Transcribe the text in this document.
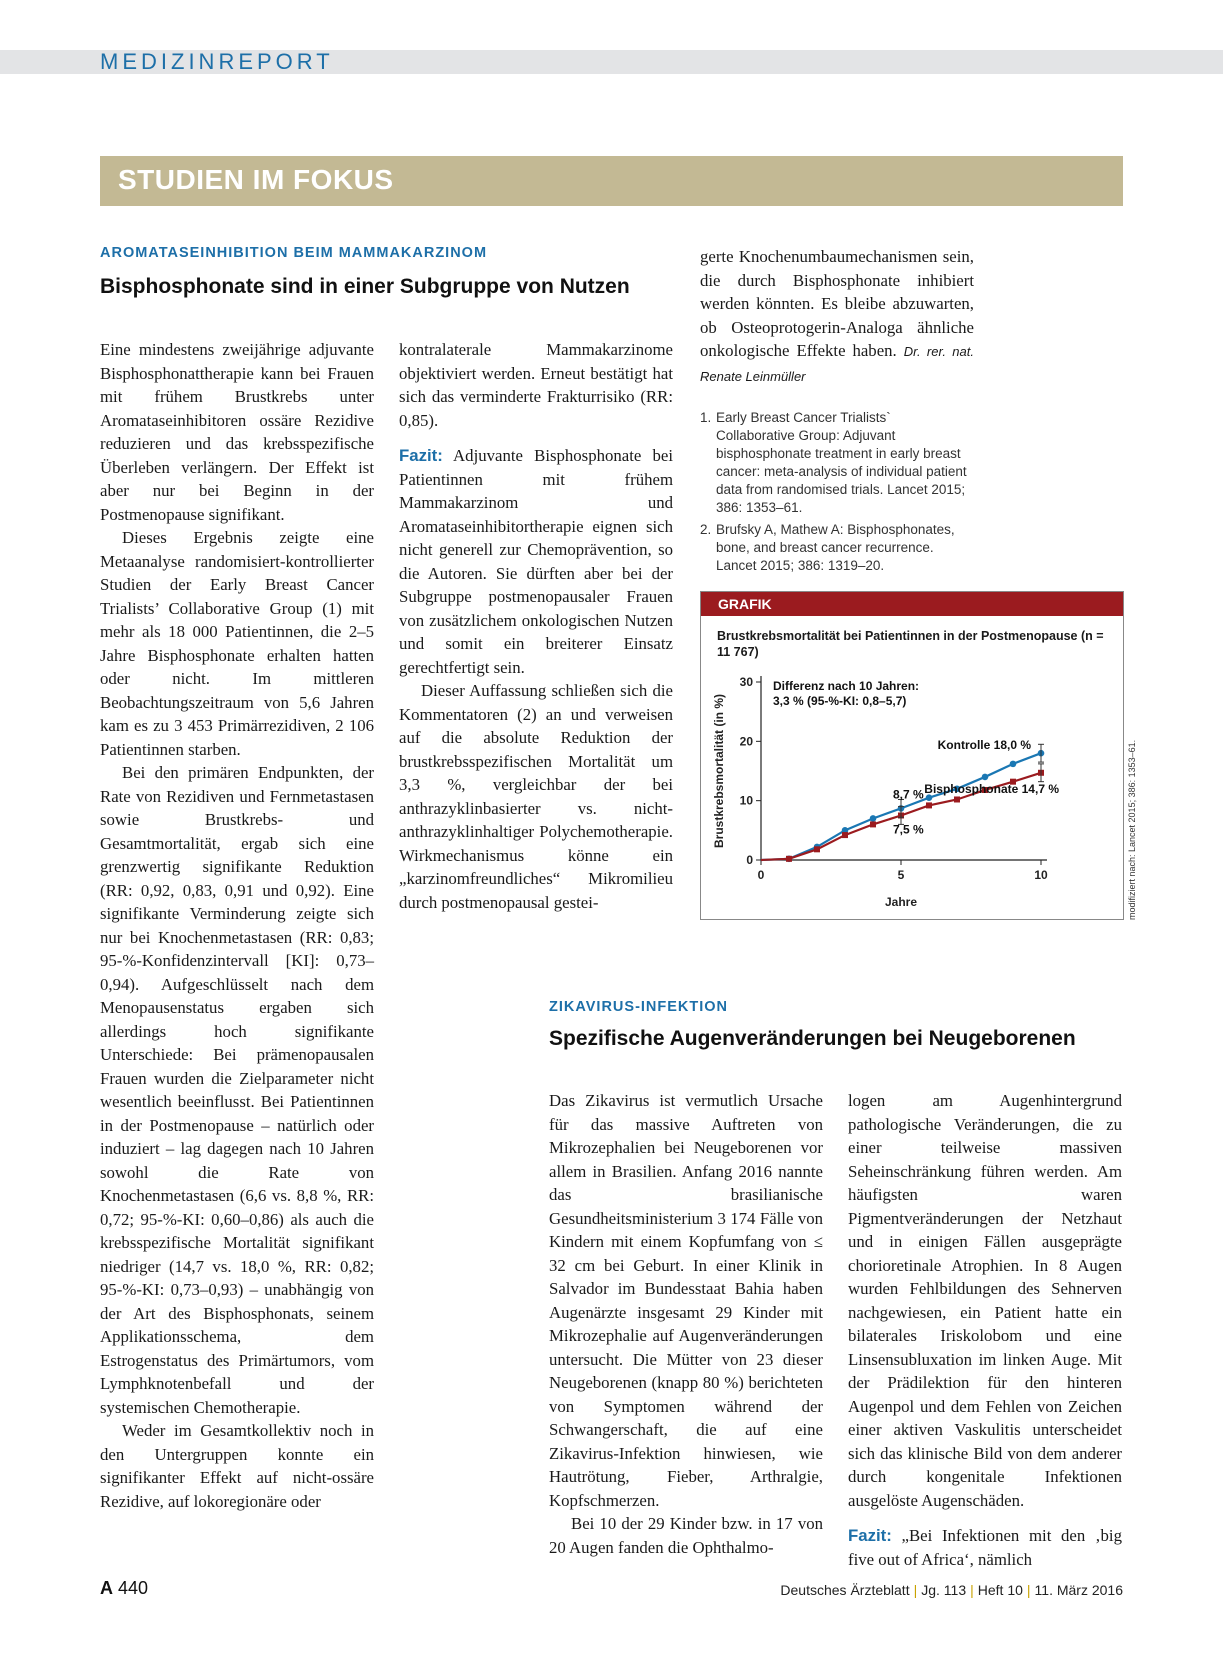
MEDIZINREPORT
STUDIEN IM FOKUS
AROMATASEINHIBITION BEIM MAMMAKARZINOM
Bisphosphonate sind in einer Subgruppe von Nutzen

Eine mindestens zweijährige adjuvante Bisphosphonattherapie kann bei Frauen mit frühem Brustkrebs unter Aromataseinhibitoren ossäre Rezidive reduzieren und das krebsspezifische Überleben verlängern. Der Effekt ist aber nur bei Beginn in der Postmenopause signifikant.

Dieses Ergebnis zeigte eine Metaanalyse randomisiert-kontrollierter Studien der Early Breast Cancer Trialists’ Collaborative Group (1) mit mehr als 18 000 Patientinnen, die 2–5 Jahre Bisphosphonate erhalten hatten oder nicht. Im mittleren Beobachtungszeitraum von 5,6 Jahren kam es zu 3 453 Primärrezidiven, 2 106 Patientinnen starben.

Bei den primären Endpunkten, der Rate von Rezidiven und Fernmetastasen sowie Brustkrebs- und Gesamtmortalität, ergab sich eine grenzwertig signifikante Reduktion (RR: 0,92, 0,83, 0,91 und 0,92). Eine signifikante Verminderung zeigte sich nur bei Knochenmetastasen (RR: 0,83; 95-%-Konfidenzintervall [KI]: 0,73–0,94). Aufgeschlüsselt nach dem Menopausenstatus ergaben sich allerdings hoch signifikante Unterschiede: Bei prämenopausalen Frauen wurden die Zielparameter nicht wesentlich beeinflusst. Bei Patientinnen in der Postmenopause – natürlich oder induziert – lag dagegen nach 10 Jahren sowohl die Rate von Knochenmetastasen (6,6 vs. 8,8 %, RR: 0,72; 95-%-KI: 0,60–0,86) als auch die krebsspezifische Mortalität signifikant niedriger (14,7 vs. 18,0 %, RR: 0,82; 95-%-KI: 0,73–0,93) – unabhängig von der Art des Bisphosphonats, seinem Applikationsschema, dem Estrogenstatus des Primärtumors, vom Lymphknotenbefall und der systemischen Chemotherapie.

Weder im Gesamtkollektiv noch in den Untergruppen konnte ein signifikanter Effekt auf nicht-ossäre Rezidive, auf lokoregionäre oder

kontralaterale Mammakarzinome objektiviert werden. Erneut bestätigt hat sich das verminderte Frakturrisiko (RR: 0,85).

Fazit: Adjuvante Bisphosphonate bei Patientinnen mit frühem Mammakarzinom und Aromataseinhibitortherapie eignen sich nicht generell zur Chemoprävention, so die Autoren. Sie dürften aber bei der Subgruppe postmenopausaler Frauen von zusätzlichem onkologischen Nutzen und somit ein breiterer Einsatz gerechtfertigt sein.

Dieser Auffassung schließen sich die Kommentatoren (2) an und verweisen auf die absolute Reduktion der brustkrebsspezifischen Mortalität um 3,3 %, vergleichbar der bei anthrazyklinbasierter vs. nicht-anthrazyklinhaltiger Polychemotherapie. Wirkmechanismus könne ein „karzinomfreundliches“ Mikromilieu durch postmenopausal gestei-

gerte Knochenumbaumechanismen sein, die durch Bisphosphonate inhibiert werden könnten. Es bleibe abzuwarten, ob Osteoprotogerin-Analoga ähnliche onkologische Effekte haben. Dr. rer. nat. Renate Leinmüller

1. Early Breast Cancer Trialists` Collaborative Group: Adjuvant bisphosphonate treatment in early breast cancer: meta-analysis of individual patient data from randomised trials. Lancet 2015; 386: 1353–61.
2. Brufsky A, Mathew A: Bisphosphonates, bone, and breast cancer recurrence. Lancet 2015; 386: 1319–20.
GRAFIK
Brustkrebsmortalität bei Patientinnen in der Postmenopause (n = 11 767)
0
10
20
30
0	5	10
Jahre
Brustkrebsmortalität (in %)
Differenz nach 10 Jahren:
3,3 % (95-%-KI: 0,8–5,7)
Kontrolle 18,0 %
Bisphosphonate 14,7 %
8,7 %
7,5 %	modifiziert nach: Lancet 2015; 386: 1353–61.
ZIKAVIRUS-INFEKTION
Spezifische Augenveränderungen bei Neugeborenen

Das Zikavirus ist vermutlich Ursache für das massive Auftreten von Mikrozephalien bei Neugeborenen vor allem in Brasilien. Anfang 2016 nannte das brasilianische Gesundheitsministerium 3 174 Fälle von Kindern mit einem Kopfumfang von ≤ 32 cm bei Geburt. In einer Klinik in Salvador im Bundesstaat Bahia haben Augenärzte insgesamt 29 Kinder mit Mikrozephalie auf Augenveränderungen untersucht. Die Mütter von 23 dieser Neugeborenen (knapp 80 %) berichteten von Symptomen während der Schwangerschaft, die auf eine Zikavirus-Infektion hinwiesen, wie Hautrötung, Fieber, Arthralgie, Kopfschmerzen.

Bei 10 der 29 Kinder bzw. in 17 von 20 Augen fanden die Ophthalmo-

logen am Augenhintergrund pathologische Veränderungen, die zu einer teilweise massiven Seheinschränkung führen werden. Am häufigsten waren Pigmentveränderungen der Netzhaut und in einigen Fällen ausgeprägte chorioretinale Atrophien. In 8 Augen wurden Fehlbildungen des Sehnerven nachgewiesen, ein Patient hatte ein bilaterales Iriskolobom und eine Linsensubluxation im linken Auge. Mit der Prädilektion für den hinteren Augenpol und dem Fehlen von Zeichen einer aktiven Vaskulitis unterscheidet sich das klinische Bild von dem anderer durch kongenitale Infektionen ausgelöste Augenschäden.

Fazit: „Bei Infektionen mit den ‚big five out of Africa‘, nämlich

A 440	Deutsches Ärzteblatt | Jg. 113 | Heft 10 | 11. März 2016
